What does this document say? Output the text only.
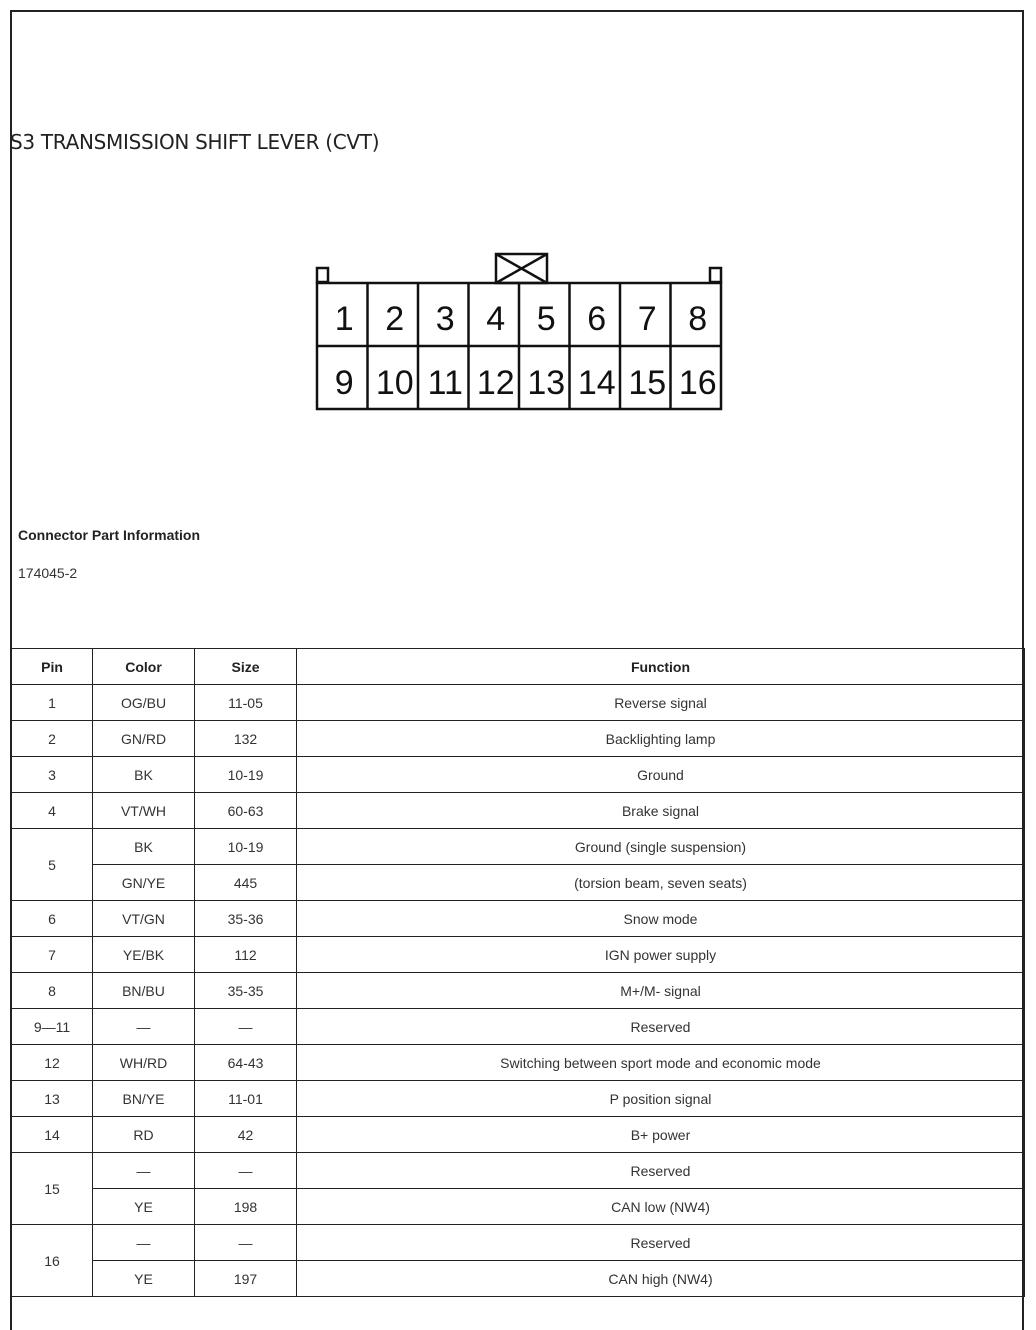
S3 TRANSMISSION SHIFT LEVER (CVT)
1 2 3 4 5 6 7 8
9 10 11 12 13 14 15 16
Connector Part Information
174045-2
Pin	Color	Size	Function
1	OG/BU	11-05	Reverse signal
2	GN/RD	132	Backlighting lamp
3	BK	10-19	Ground
4	VT/WH	60-63	Brake signal
5	BK	10-19	Ground (single suspension)
	GN/YE	445	(torsion beam, seven seats)
6	VT/GN	35-36	Snow mode
7	YE/BK	112	IGN power supply
8	BN/BU	35-35	M+/M- signal
9—11	—	—	Reserved
12	WH/RD	64-43	Switching between sport mode and economic mode
13	BN/YE	11-01	P position signal
14	RD	42	B+ power
15	—	—	Reserved
	YE	198	CAN low (NW4)
16	—	—	Reserved
	YE	197	CAN high (NW4)
